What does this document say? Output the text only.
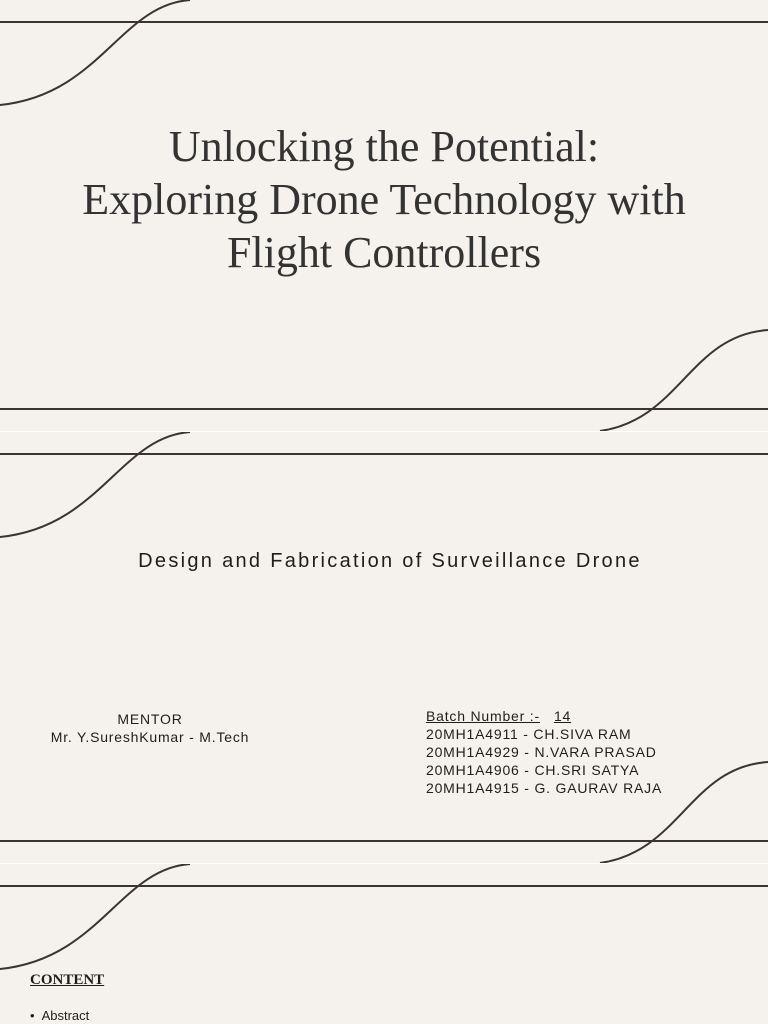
Unlocking the Potential:
Exploring Drone Technology with
Flight Controllers
Design and Fabrication of Surveillance Drone
MENTOR
Mr. Y.SureshKumar - M.Tech
Batch Number :- 14
20MH1A4911 - CH.SIVA RAM
20MH1A4929 - N.VARA PRASAD
20MH1A4906 - CH.SRI SATYA
20MH1A4915 - G. GAURAV RAJA
CONTENT
• Abstract
